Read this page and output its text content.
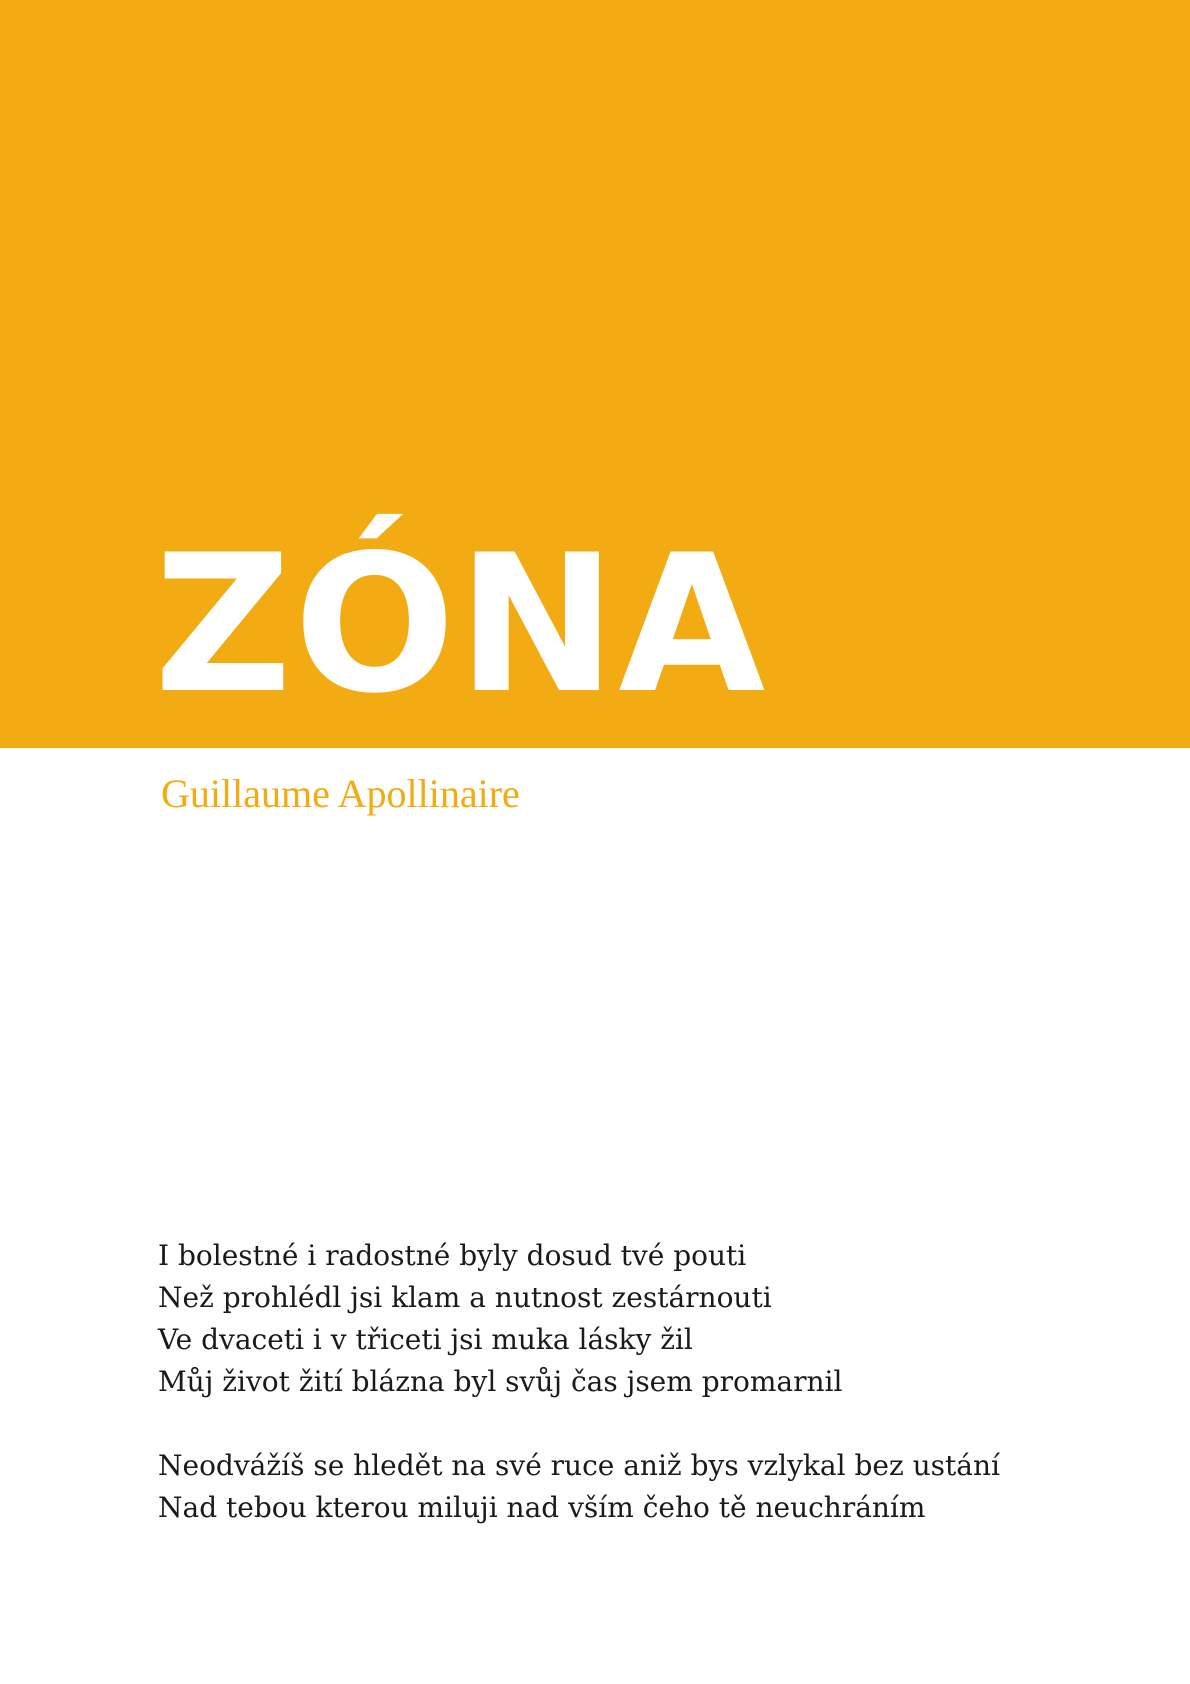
ZÓNA

Guillaume Apollinaire

I bolestné i radostné byly dosud tvé pouti
Než prohlédl jsi klam a nutnost zestárnouti
Ve dvaceti i v třiceti jsi muka lásky žil
Můj život žití blázna byl svůj čas jsem promarnil
Neodvážíš se hledět na své ruce aniž bys vzlykal bez ustání
Nad tebou kterou miluji nad vším čeho tě neuchráním
